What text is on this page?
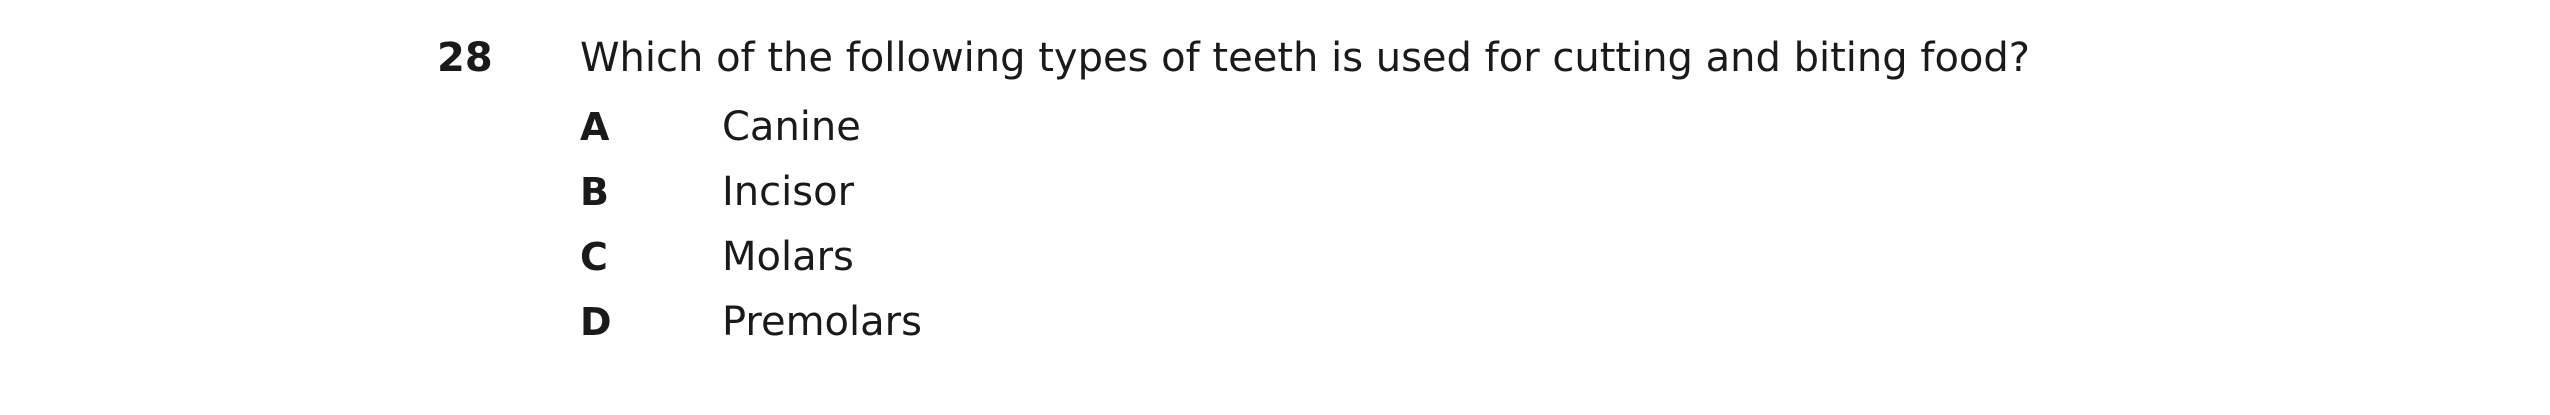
28 Which of the following types of teeth is used for cutting and biting food?
A	Canine
B	Incisor
C	Molars
D	Premolars
